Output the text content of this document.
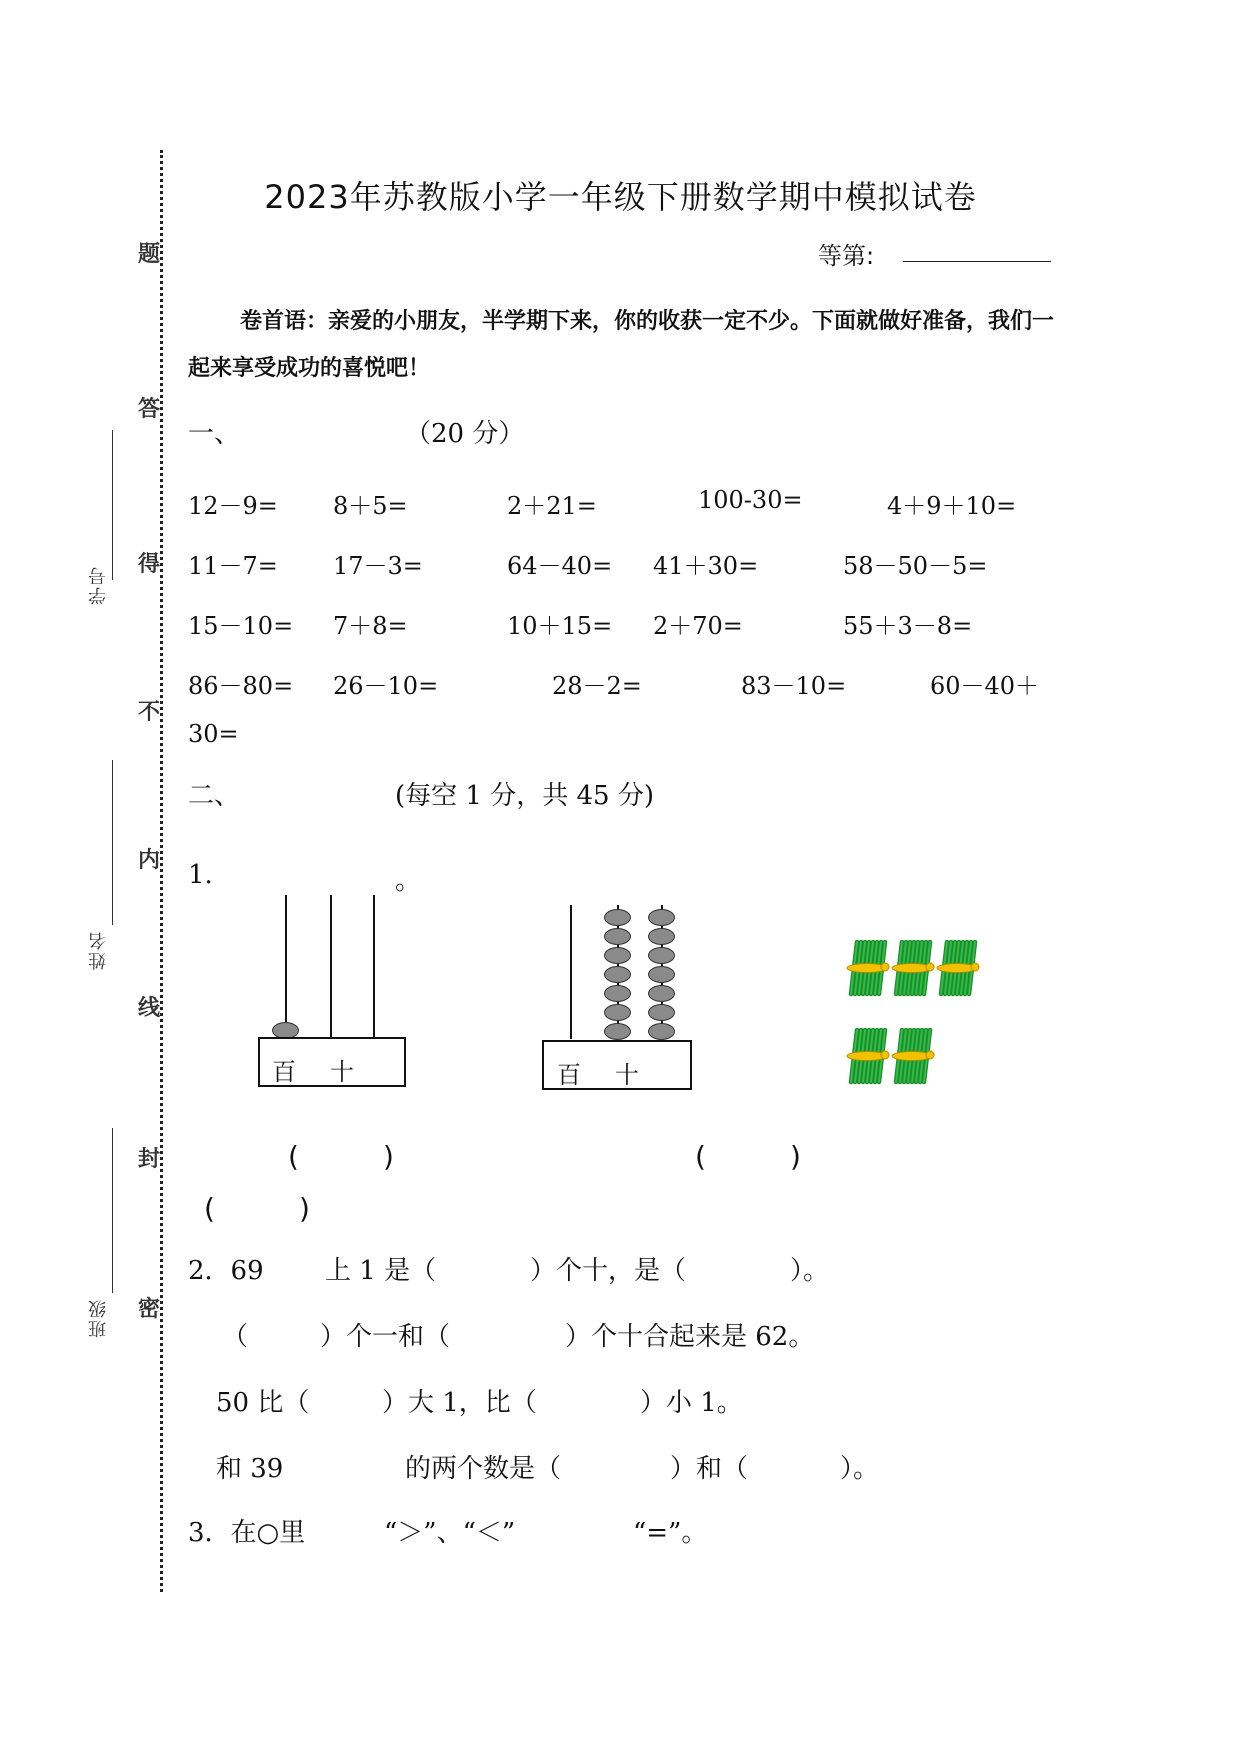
题
答
得
不
内
线
封
密
学号
姓名
班级
2023年苏教版小学一年级下册数学期中模拟试卷
等第:
卷首语：亲爱的小朋友，半学期下来，你的收获一定不少。下面就做好准备，我们一起来享受成功的喜悦吧！
一、	（20 分）
12－9= 8＋5=	2＋21=	100-30=	4＋9＋10=
11－7= 17－3=	64－40= 41＋30=	58－50－5=
15－10= 7＋8=	10＋15= 2＋70=	55＋3－8=
86－80= 26－10=	28－2=	83－10=	60－40＋
30=
二、	(每空 1 分，共 45 分)
1.	。
百 十	百 十
(　　　	)	(　　　	)
(　　　	)
2．69 上 1 是（	）个十，是（	）。
（	）个一和（	）个十合起来是 62。
50 比（	）大 1，比（	）小 1。
和 39	的两个数是（	）和（	）。
3．在○里	“＞”、“＜”	“=”。
